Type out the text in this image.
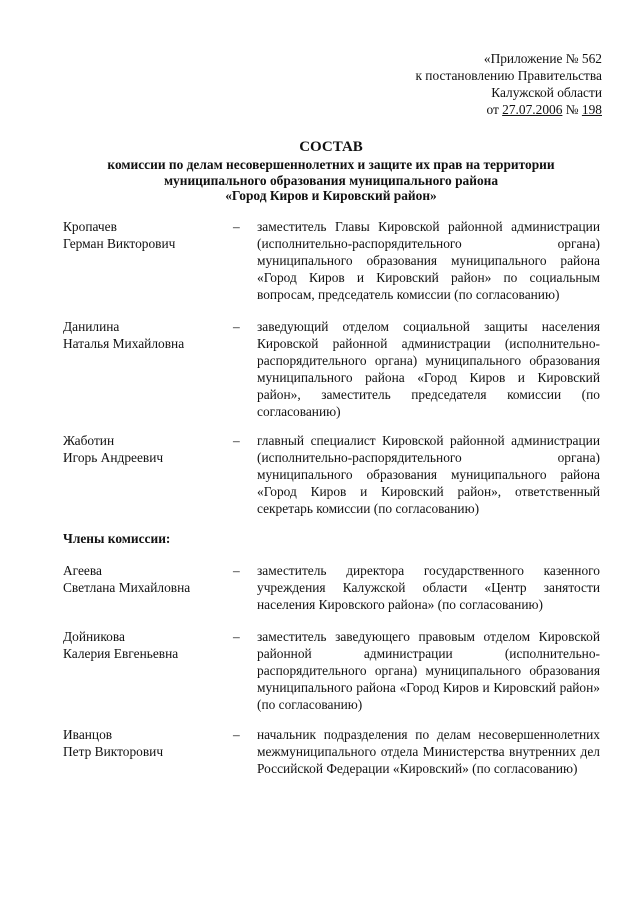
«Приложение № 562
к постановлению Правительства
Калужской области
от 27.07.2006 № 198
СОСТАВ
комиссии по делам несовершеннолетних и защите их прав на территории
муниципального образования муниципального района
«Город Киров и Кировский район»
Кропачев
Герман Викторович
–	заместитель Главы Кировской районной администрации (исполнительно-распорядительного органа) муниципального образования муниципального района «Город Киров и Кировский район» по социальным вопросам, председатель комиссии (по согласованию)
Данилина
Наталья Михайловна
–	заведующий отделом социальной защиты населения Кировской районной администрации (исполнительно-распорядительного органа) муниципального образования муниципального района «Город Киров и Кировский район», заместитель председателя комиссии (по согласованию)
Жаботин
Игорь Андреевич
–	главный специалист Кировской районной администрации (исполнительно-распорядительного органа) муниципального образования муниципального района «Город Киров и Кировский район», ответственный секретарь комиссии (по согласованию)
Члены комиссии:
Агеева
Светлана Михайловна
–	заместитель директора государственного казенного учреждения Калужской области «Центр занятости населения Кировского района» (по согласованию)
Дойникова
Калерия Евгеньевна
–	заместитель заведующего правовым отделом Кировской районной администрации (исполнительно-распорядительного органа) муниципального образования муниципального района «Город Киров и Кировский район» (по согласованию)
Иванцов
Петр Викторович
–	начальник подразделения по делам несовершеннолетних межмуниципального отдела Министерства внутренних дел Российской Федерации «Кировский» (по согласованию)
